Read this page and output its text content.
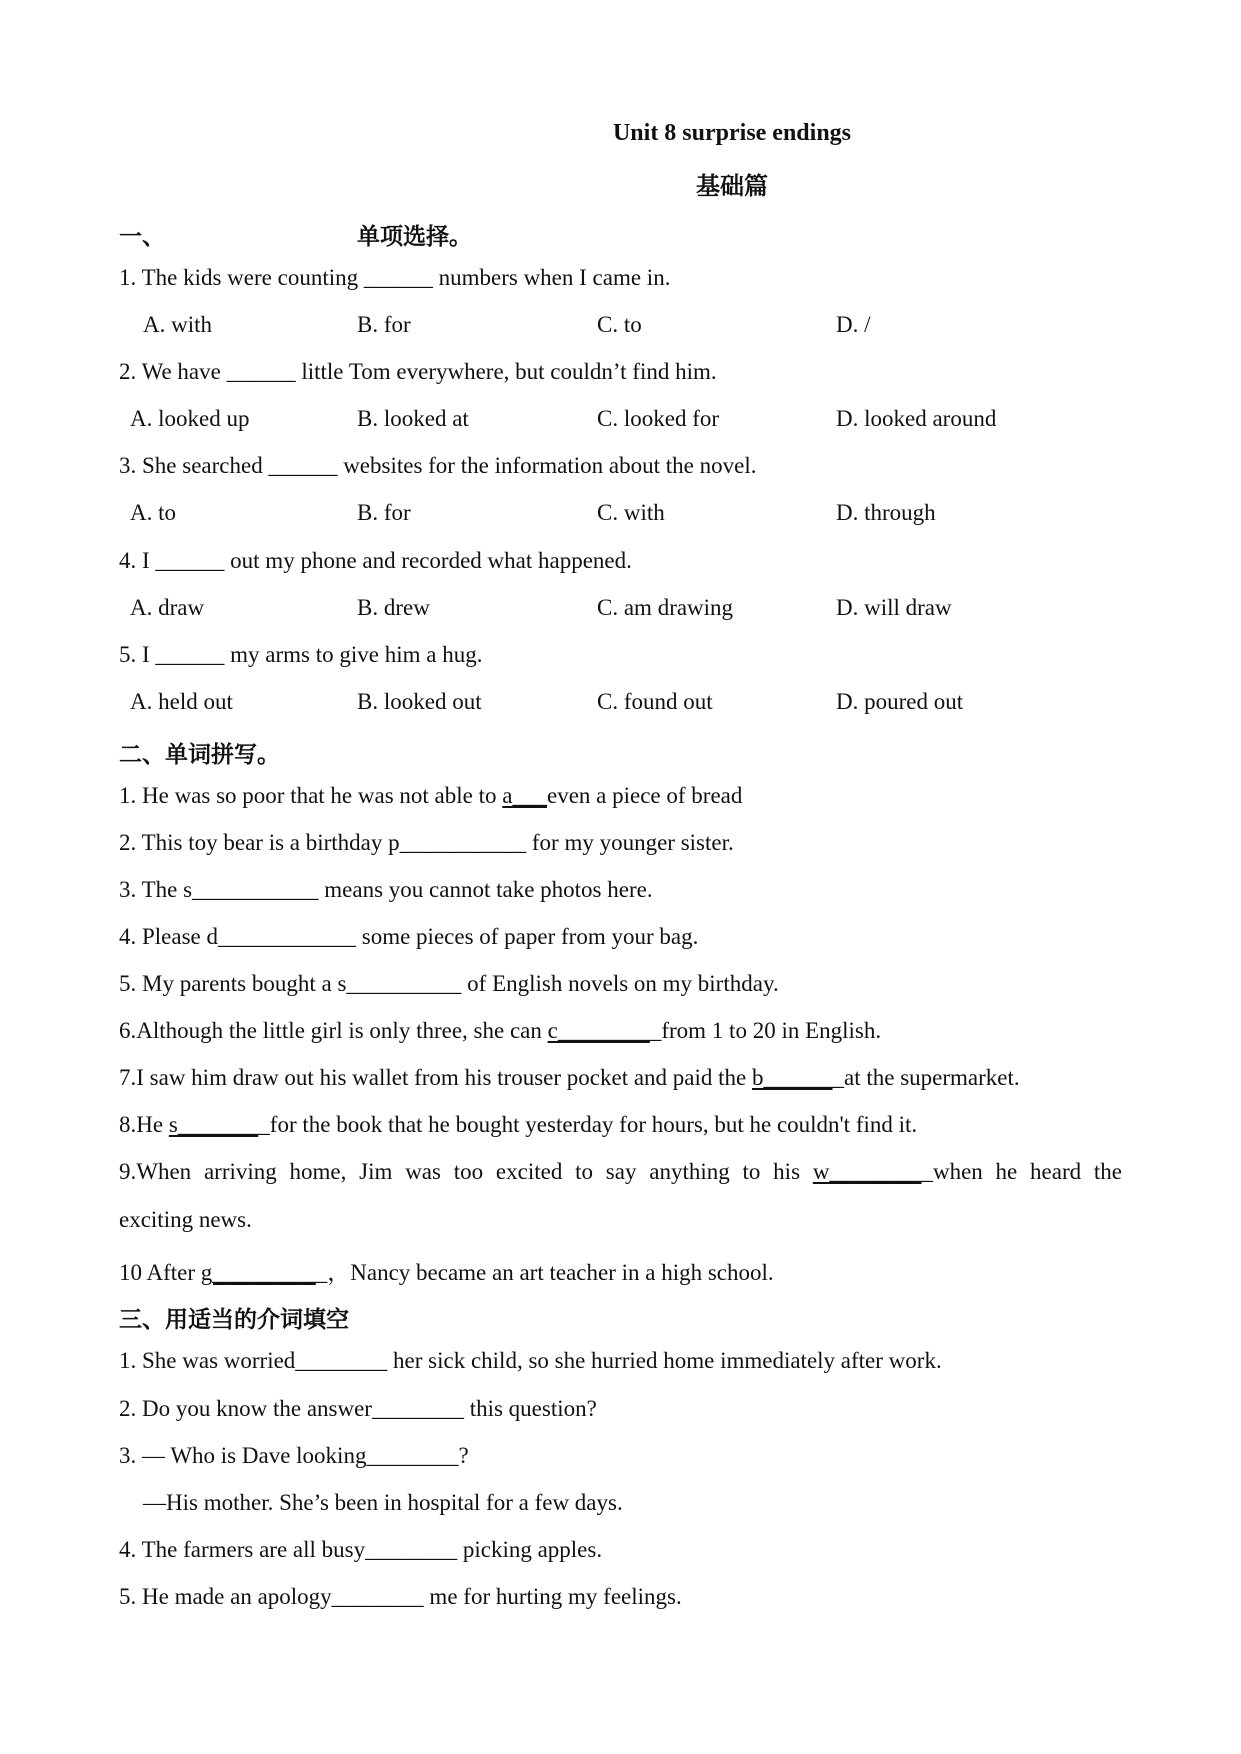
Unit 8 surprise endings
基础篇
一、	单项选择。
1. The kids were counting ______ numbers when I came in.
A. with	B. for	C. to	D. /
2. We have ______ little Tom everywhere, but couldn’t find him.
A. looked up	B. looked at	C. looked for	D. looked around
3. She searched ______ websites for the information about the novel.
A. to	B. for	C. with	D. through
4. I ______ out my phone and recorded what happened.
A. draw	B. drew	C. am drawing	D. will draw
5. I ______ my arms to give him a hug.
A. held out	B. looked out	C. found out	D. poured out
二、单词拼写。
1. He was so poor that he was not able to a___even a piece of bread
2. This toy bear is a birthday p___________ for my younger sister.
3. The s___________ means you cannot take photos here.
4. Please d____________ some pieces of paper from your bag.
5. My parents bought a s__________ of English novels on my birthday.
6.Although the little girl is only three, she can c_________from 1 to 20 in English.
7.I saw him draw out his wallet from his trouser pocket and paid the b_______at the supermarket.
8.He s________for the book that he bought yesterday for hours, but he couldn't find it.
9.When arriving home, Jim was too excited to say anything to his w_________when he heard the
exciting news.
10 After g__________，Nancy became an art teacher in a high school.
三、用适当的介词填空
1. She was worried________ her sick child, so she hurried home immediately after work.
2. Do you know the answer________ this question?
3. — Who is Dave looking________?
—His mother. She’s been in hospital for a few days.
4. The farmers are all busy________ picking apples.
5. He made an apology________ me for hurting my feelings.
